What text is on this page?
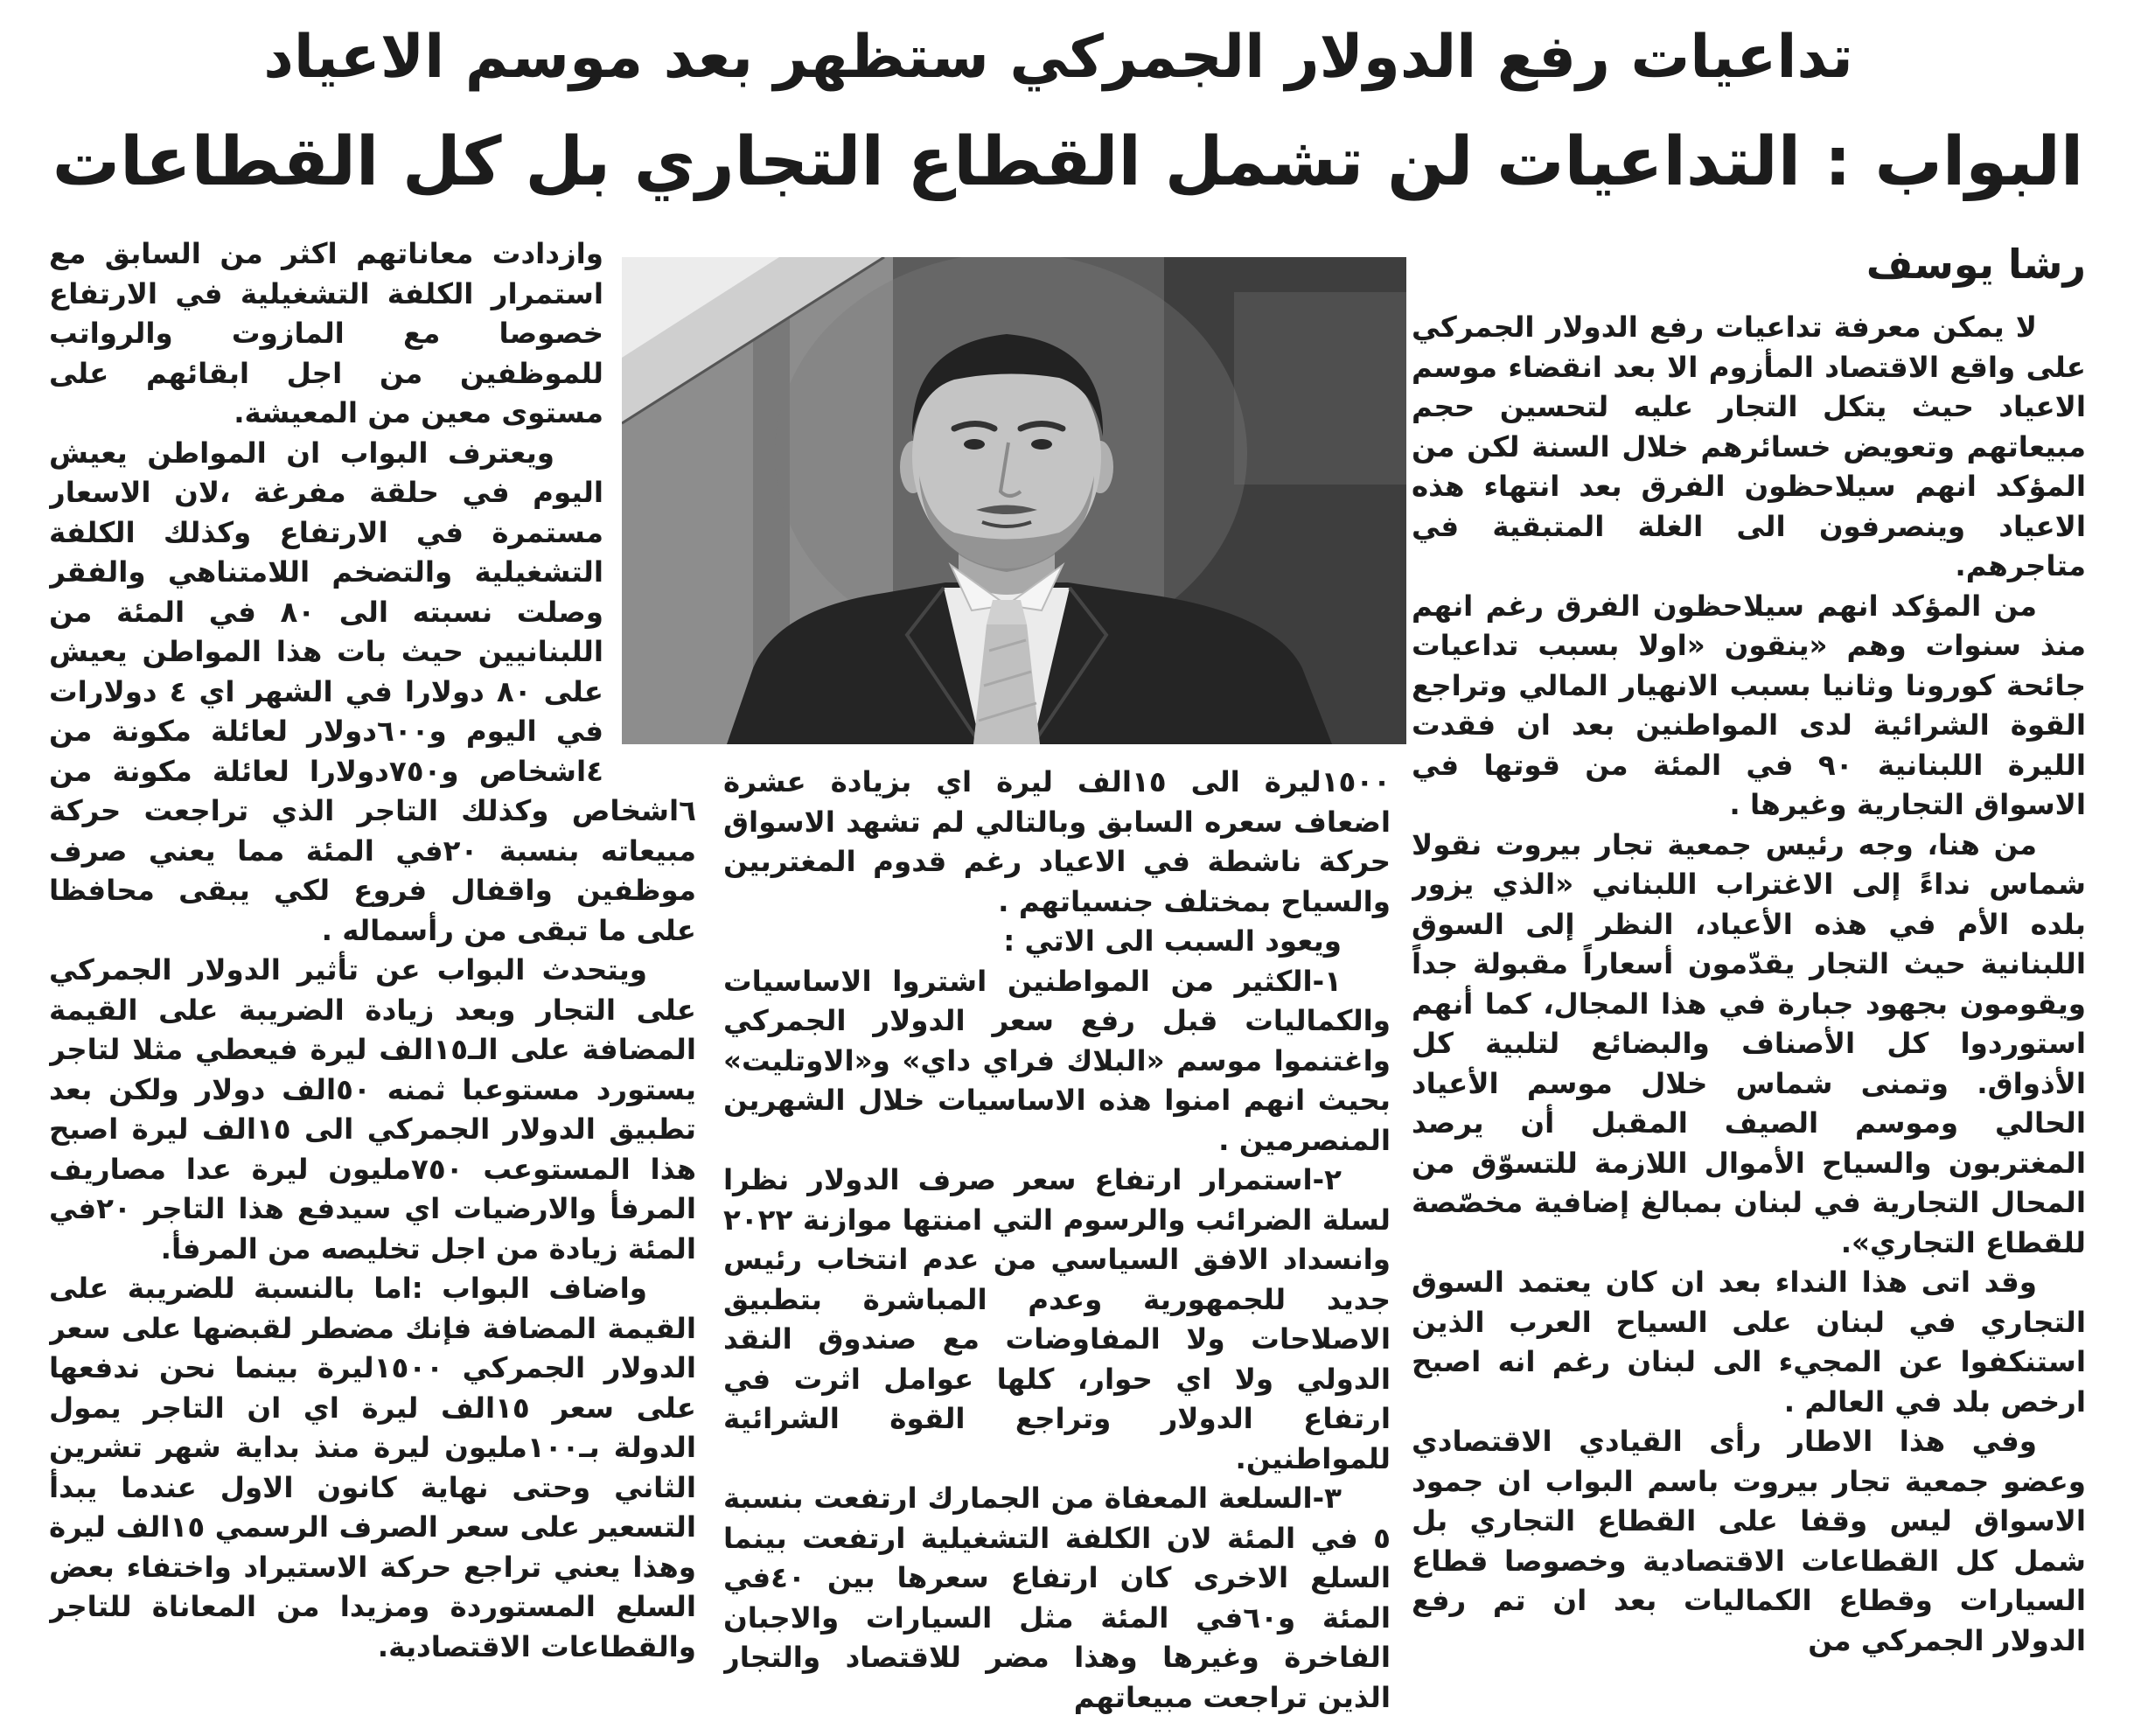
تداعيات رفع الدولار الجمركي ستظهر بعد موسم الاعياد
البواب : التداعيات لن تشمل القطاع التجاري بل كل القطاعات
رشا يوسف

لا يمكن معرفة تداعيات رفع الدولار الجمركي على واقع الاقتصاد المأزوم الا بعد انقضاء موسم الاعياد حيث يتكل التجار عليه لتحسين حجم مبيعاتهم وتعويض خسائرهم خلال السنة لكن من المؤكد انهم سيلاحظون الفرق بعد انتهاء هذه الاعياد وينصرفون الى الغلة المتبقية في متاجرهم.

من المؤكد انهم سيلاحظون الفرق رغم انهم منذ سنوات وهم «ينقون «اولا بسبب تداعيات جائحة كورونا وثانيا بسبب الانهيار المالي وتراجع القوة الشرائية لدى المواطنين بعد ان فقدت الليرة اللبنانية ٩٠ في المئة من قوتها في الاسواق التجارية وغيرها .

من هنا، وجه رئيس جمعية تجار بيروت نقولا شماس نداءً إلى الاغتراب اللبناني «الذي يزور بلده الأم في هذه الأعياد، النظر إلى السوق اللبنانية حيث التجار يقدّمون أسعاراً مقبولة جداً ويقومون بجهود جبارة في هذا المجال، كما أنهم استوردوا كل الأصناف والبضائع لتلبية كل الأذواق. وتمنى شماس خلال موسم الأعياد الحالي وموسم الصيف المقبل أن يرصد المغتربون والسياح الأموال اللازمة للتسوّق من المحال التجارية في لبنان بمبالغ إضافية مخصّصة للقطاع التجاري».

وقد اتى هذا النداء بعد ان كان يعتمد السوق التجاري في لبنان على السياح العرب الذين استنكفوا عن المجيء الى لبنان رغم انه اصبح ارخص بلد في العالم .

وفي هذا الاطار رأى القيادي الاقتصادي وعضو جمعية تجار بيروت باسم البواب ان جمود الاسواق ليس وقفا على القطاع التجاري بل شمل كل القطاعات الاقتصادية وخصوصا قطاع السيارات وقطاع الكماليات بعد ان تم رفع الدولار الجمركي من

١٥٠٠ليرة الى ١٥الف ليرة اي بزيادة عشرة اضعاف سعره السابق وبالتالي لم تشهد الاسواق حركة ناشطة في الاعياد رغم قدوم المغتربين والسياح بمختلف جنسياتهم .

ويعود السبب الى الاتي :

١-الكثير من المواطنين اشتروا الاساسيات والكماليات قبل رفع سعر الدولار الجمركي واغتنموا موسم «البلاك فراي داي» و«الاوتليت» بحيث انهم امنوا هذه الاساسيات خلال الشهرين المنصرمين .

٢-استمرار ارتفاع سعر صرف الدولار نظرا لسلة الضرائب والرسوم التي امنتها موازنة ٢٠٢٢ وانسداد الافق السياسي من عدم انتخاب رئيس جديد للجمهورية وعدم المباشرة بتطبيق الاصلاحات ولا المفاوضات مع صندوق النقد الدولي ولا اي حوار، كلها عوامل اثرت في ارتفاع الدولار وتراجع القوة الشرائية للمواطنين.

٣-السلعة المعفاة من الجمارك ارتفعت بنسبة ٥ في المئة لان الكلفة التشغيلية ارتفعت بينما السلع الاخرى كان ارتفاع سعرها بين ٤٠في المئة و٦٠في المئة مثل السيارات والاجبان الفاخرة وغيرها وهذا مضر للاقتصاد والتجار الذين تراجعت مبيعاتهم

وازدادت معاناتهم اكثر من السابق مع استمرار الكلفة التشغيلية في الارتفاع خصوصا مع المازوت والرواتب للموظفين من اجل ابقائهم على مستوى معين من المعيشة.

ويعترف البواب ان المواطن يعيش اليوم في حلقة مفرغة ،لان الاسعار مستمرة في الارتفاع وكذلك الكلفة التشغيلية والتضخم اللامتناهي والفقر وصلت نسبته الى ٨٠ في المئة من اللبنانيين حيث بات هذا المواطن يعيش على ٨٠ دولارا في الشهر اي ٤ دولارات في اليوم و٦٠٠دولار لعائلة مكونة من ٤اشخاص و٧٥٠دولارا لعائلة مكونة من ٦اشخاص وكذلك التاجر الذي تراجعت حركة مبيعاته بنسبة ٢٠في المئة مما يعني صرف موظفين واقفال فروع لكي يبقى محافظا على ما تبقى من رأسماله .

ويتحدث البواب عن تأثير الدولار الجمركي على التجار وبعد زيادة الضريبة على القيمة المضافة على الـ١٥الف ليرة فيعطي مثلا لتاجر يستورد مستوعبا ثمنه ٥٠الف دولار ولكن بعد تطبيق الدولار الجمركي الى ١٥الف ليرة اصبح هذا المستوعب ٧٥٠مليون ليرة عدا مصاريف المرفأ والارضيات اي سيدفع هذا التاجر ٢٠في المئة زيادة من اجل تخليصه من المرفأ.

واضاف البواب :اما بالنسبة للضريبة على القيمة المضافة فإنك مضطر لقبضها على سعر الدولار الجمركي ١٥٠٠ليرة بينما نحن ندفعها على سعر ١٥الف ليرة اي ان التاجر يمول الدولة بـ١٠٠مليون ليرة منذ بداية شهر تشرين الثاني وحتى نهاية كانون الاول عندما يبدأ التسعير على سعر الصرف الرسمي ١٥الف ليرة وهذا يعني تراجع حركة الاستيراد واختفاء بعض السلع المستوردة ومزيدا من المعاناة للتاجر والقطاعات الاقتصادية.
